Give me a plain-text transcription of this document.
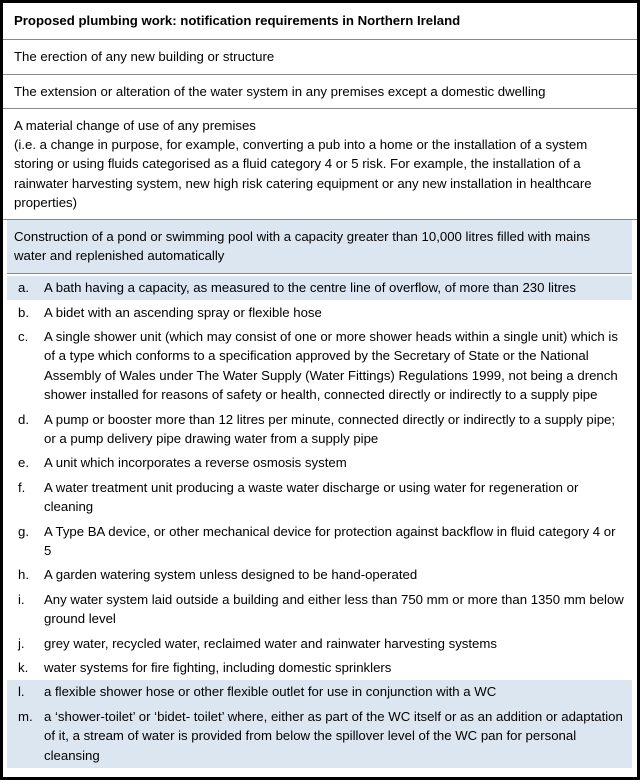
Proposed plumbing work: notification requirements in Northern Ireland

The erection of any new building or structure

The extension or alteration of the water system in any premises except a domestic dwelling

A material change of use of any premises

(i.e. a change in purpose, for example, converting a pub into a home or the installation of a system storing or using fluids categorised as a fluid category 4 or 5 risk. For example, the installation of a rainwater harvesting system, new high risk catering equipment or any new installation in healthcare properties)

Construction of a pond or swimming pool with a capacity greater than 10,000 litres filled with mains water and replenished automatically

a.	A bath having a capacity, as measured to the centre line of overflow, of more than 230 litres

b.	A bidet with an ascending spray or flexible hose

c.	A single shower unit (which may consist of one or more shower heads within a single unit) which is of a type which conforms to a specification approved by the Secretary of State or the National Assembly of Wales under The Water Supply (Water Fittings) Regulations 1999, not being a drench shower installed for reasons of safety or health, connected directly or indirectly to a supply pipe

d.	A pump or booster more than 12 litres per minute, connected directly or indirectly to a supply pipe; or a pump delivery pipe drawing water from a supply pipe

e.	A unit which incorporates a reverse osmosis system

f.	A water treatment unit producing a waste water discharge or using water for regeneration or cleaning

g.	A Type BA device, or other mechanical device for protection against backflow in fluid category 4 or 5

h.	A garden watering system unless designed to be hand-operated

i.	Any water system laid outside a building and either less than 750 mm or more than 1350 mm below ground level

j.	grey water, recycled water, reclaimed water and rainwater harvesting systems

k.	water systems for fire fighting, including domestic sprinklers

l.	a flexible shower hose or other flexible outlet for use in conjunction with a WC

m. a ‘shower-toilet’ or ‘bidet- toilet’ where, either as part of the WC itself or as an addition or adaptation of it, a stream of water is provided from below the spillover level of the WC pan for personal cleansing
